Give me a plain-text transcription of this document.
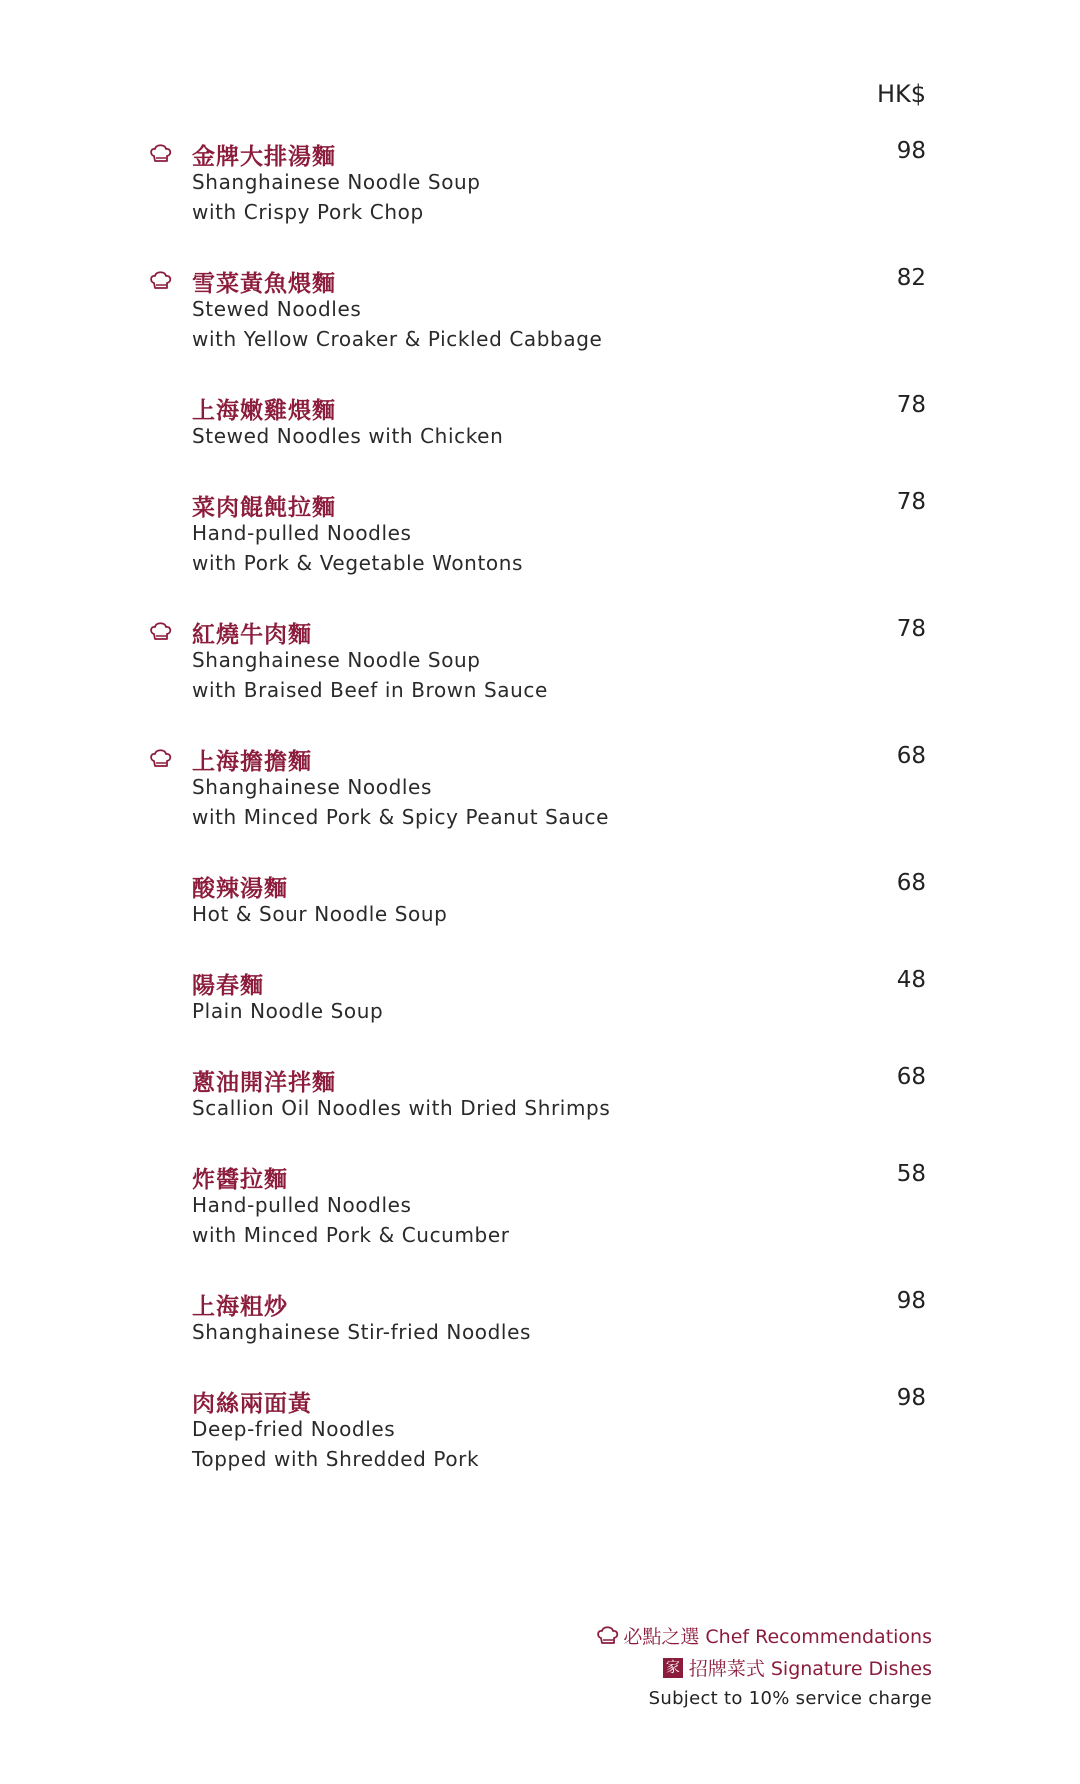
HK$
金牌大排湯麵
Shanghainese Noodle Soup
with Crispy Pork Chop
98
雪菜黃魚煨麵
Stewed Noodles
with Yellow Croaker & Pickled Cabbage
82
上海嫩雞煨麵
Stewed Noodles with Chicken
78
菜肉餛飩拉麵
Hand-pulled Noodles
with Pork & Vegetable Wontons
78
紅燒牛肉麵
Shanghainese Noodle Soup
with Braised Beef in Brown Sauce
78
上海擔擔麵
Shanghainese Noodles
with Minced Pork & Spicy Peanut Sauce
68
酸辣湯麵
Hot & Sour Noodle Soup
68
陽春麵
Plain Noodle Soup
48
蔥油開洋拌麵
Scallion Oil Noodles with Dried Shrimps
68
炸醬拉麵
Hand-pulled Noodles
with Minced Pork & Cucumber
58
上海粗炒
Shanghainese Stir-fried Noodles
98
肉絲兩面黃
Deep-fried Noodles
Topped with Shredded Pork
98
必點之選 Chef Recommendations
家 招牌菜式 Signature Dishes
Subject to 10% service charge
